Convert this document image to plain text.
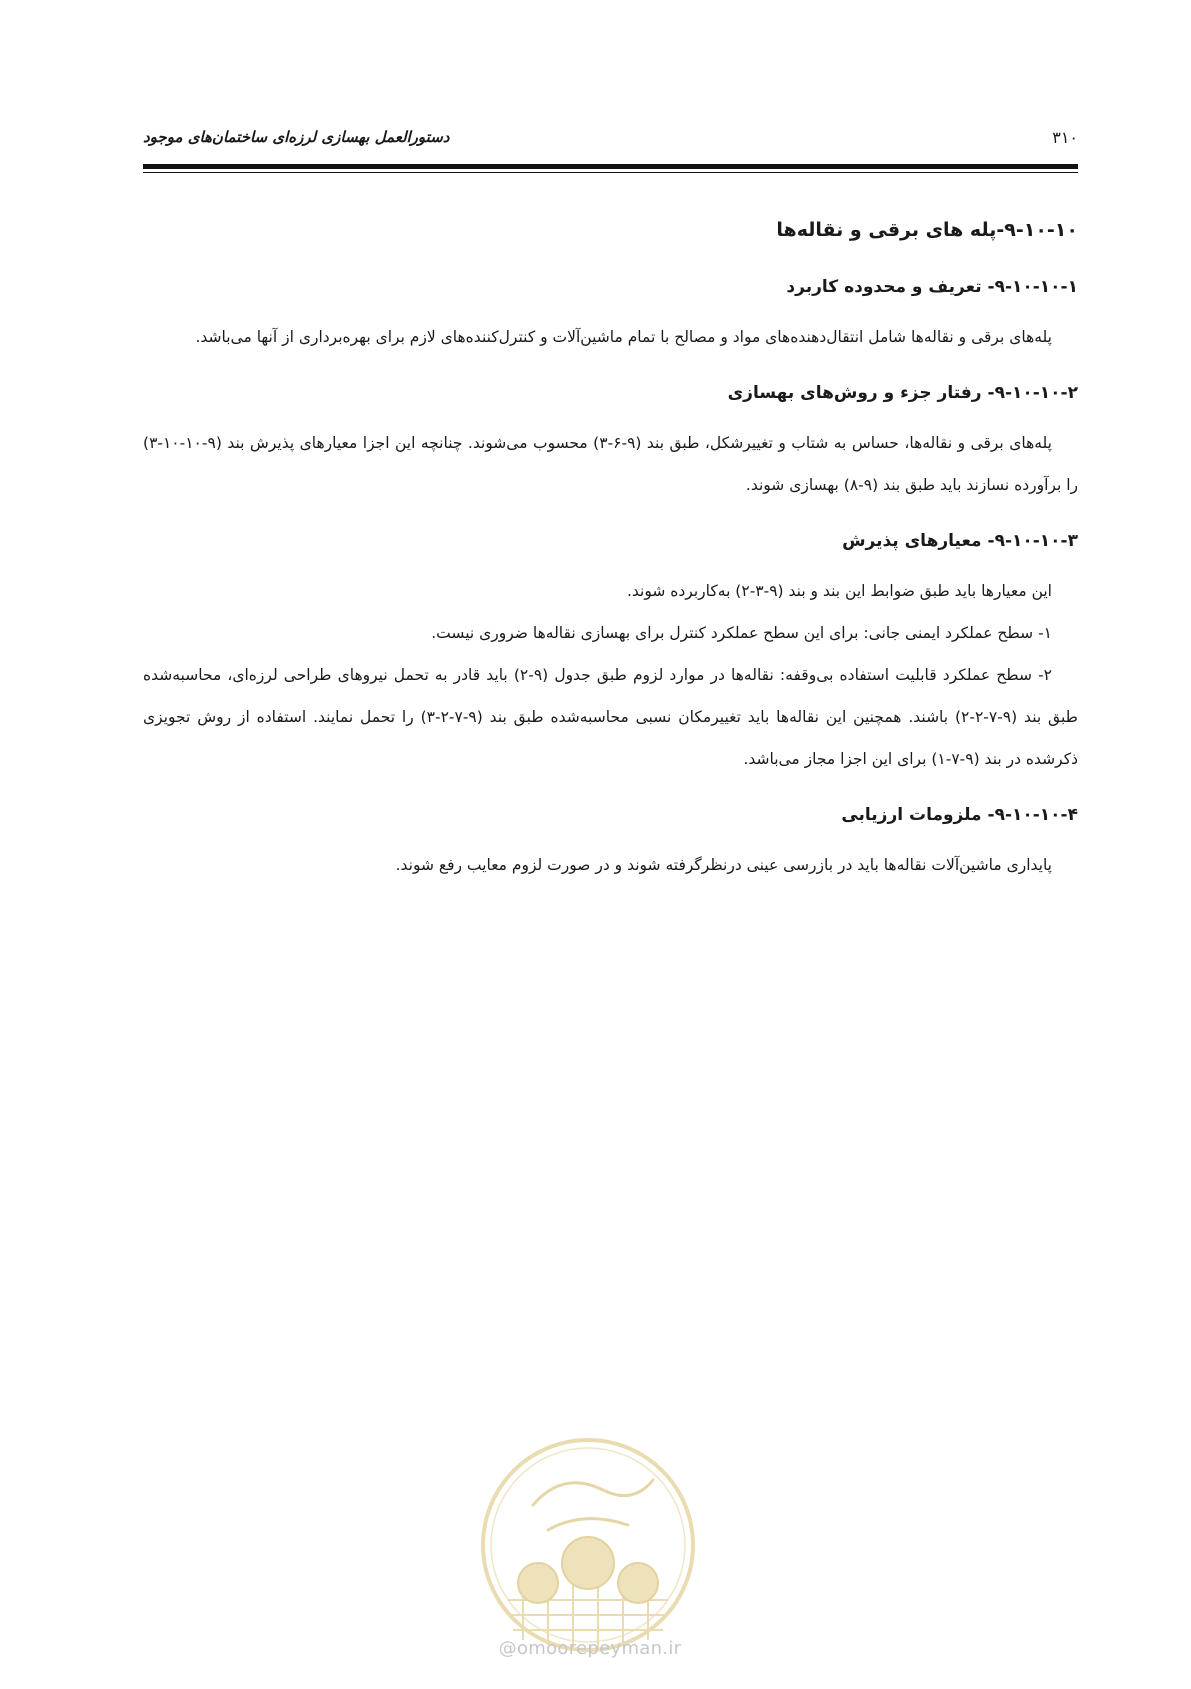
دستورالعمل بهسازی لرزه‌ای ساختمان‌های موجود	۳۱۰
۹-۱۰-۱۰-پله های برقی و نقاله‌ها
۹-۱۰-۱۰-۱- تعریف و محدوده کاربرد

پله‌های برقی و نقاله‌ها شامل انتقال‌دهنده‌های مواد و مصالح با تمام ماشین‌آلات و کنترل‌کننده‌های لازم برای بهره‌برداری از آنها می‌باشد.

۹-۱۰-۱۰-۲- رفتار جزء و روش‌های بهسازی

پله‌های برقی و نقاله‌ها، حساس به شتاب و تغییرشکل، طبق بند (۹-۶-۳) محسوب می‌شوند. چنانچه این اجزا معیارهای پذیرش بند (۹-۱۰-۱۰-۳) را برآورده نسازند باید طبق بند (۹-۸) بهسازی شوند.

۹-۱۰-۱۰-۳- معیارهای پذیرش

این معیارها باید طبق ضوابط این بند و بند (۹-۳-۲) به‌کاربرده شوند.

۱- سطح عملکرد ایمنی جانی: برای این سطح عملکرد کنترل برای بهسازی نقاله‌ها ضروری نیست.

۲- سطح عملکرد قابلیت استفاده بی‌وقفه: نقاله‌ها در موارد لزوم طبق جدول (۹-۲) باید قادر به تحمل نیروهای طراحی لرزه‌ای، محاسبه‌شده طبق بند (۹-۷-۲-۲) باشند. همچنین این نقاله‌ها باید تغییرمکان نسبی محاسبه‌شده طبق بند (۹-۷-۲-۳) را تحمل نمایند. استفاده از روش تجویزی ذکرشده در بند (۹-۷-۱) برای این اجزا مجاز می‌باشد.

۹-۱۰-۱۰-۴- ملزومات ارزیابی

پایداری ماشین‌آلات نقاله‌ها باید در بازرسی عینی درنظرگرفته شوند و در صورت لزوم معایب رفع شوند.

@omoorepeyman.ir
